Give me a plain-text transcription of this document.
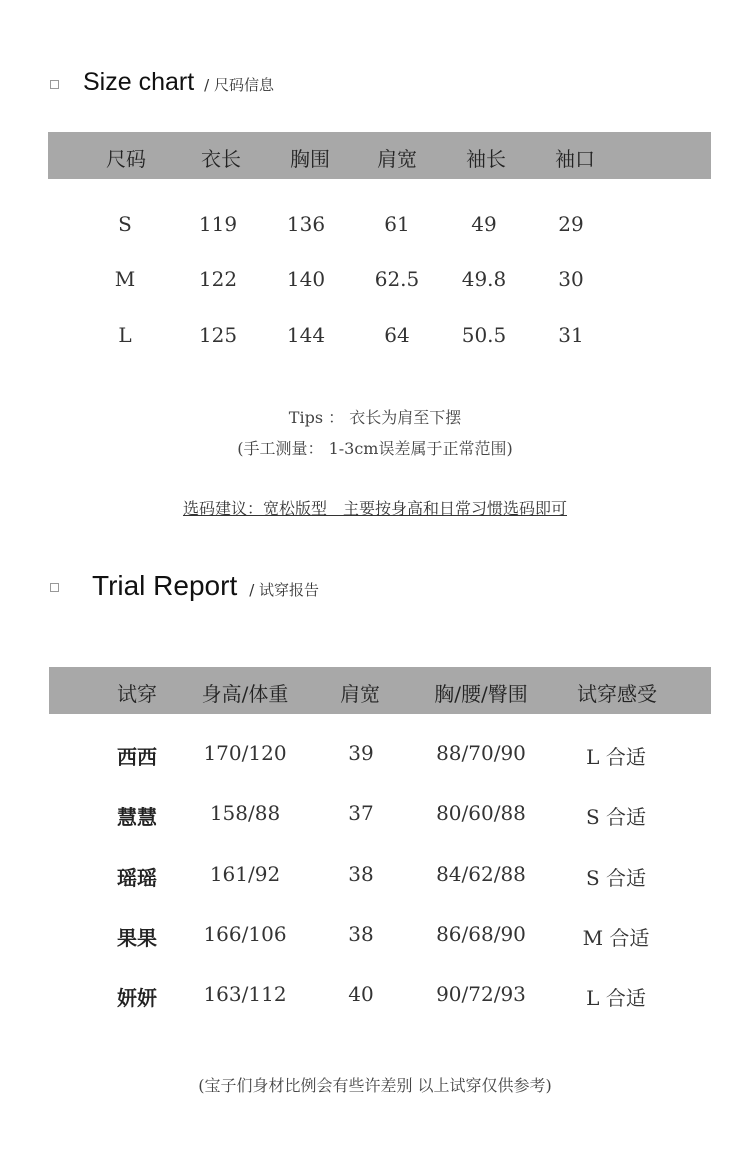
Size chart / 尺码信息
尺码	衣长 胸围 肩宽 袖长 袖口
S	119 136	61	49	29
M	122 140 62.5 49.8	30
L	125 144	64	50.5	31
Tips ： 衣长为肩至下摆
(手工测量： 1-3cm误差属于正常范围)
选码建议：宽松版型　主要按身高和日常习惯选码即可
Trial Report / 试穿报告
试穿 身高/体重	肩宽	胸/腰/臀围 试穿感受
西西 170/120	39	88/70/90	L 合适
慧慧	158/88	37	80/60/88	S 合适
瑶瑶	161/92	38	84/62/88	S 合适
果果 166/106	38	86/68/90	M 合适
妍妍 163/112	40	90/72/93	L 合适
(宝子们身材比例会有些许差别 以上试穿仅供参考)
